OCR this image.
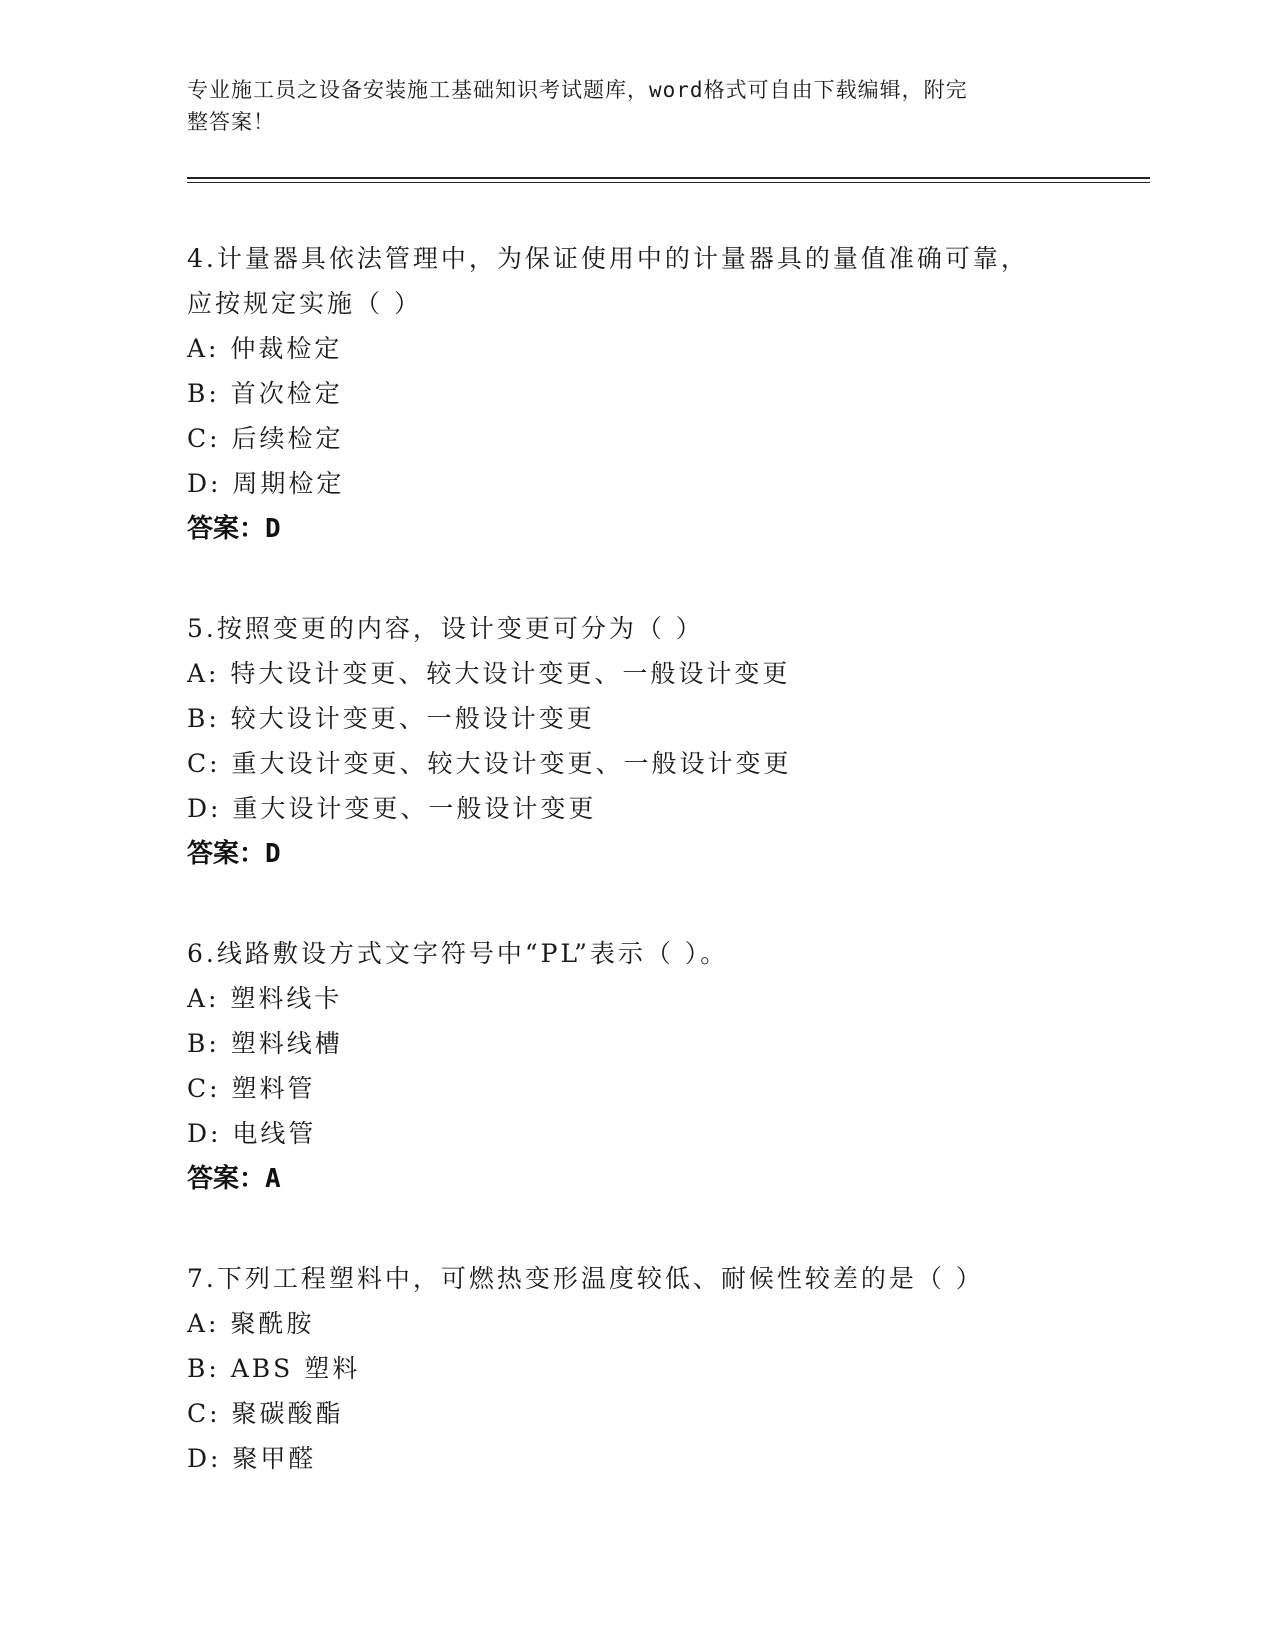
专业施工员之设备安装施工基础知识考试题库，word格式可自由下载编辑，附完
整答案！
4.计量器具依法管理中，为保证使用中的计量器具的量值准确可靠，
应按规定实施（ ）
A: 仲裁检定
B: 首次检定
C: 后续检定
D: 周期检定
答案：D
5.按照变更的内容，设计变更可分为（ ）
A: 特大设计变更、较大设计变更、一般设计变更
B: 较大设计变更、一般设计变更
C: 重大设计变更、较大设计变更、一般设计变更
D: 重大设计变更、一般设计变更
答案：D
6.线路敷设方式文字符号中“PL”表示（ ）。
A: 塑料线卡
B: 塑料线槽
C: 塑料管
D: 电线管
答案：A
7.下列工程塑料中，可燃热变形温度较低、耐候性较差的是（ ）
A: 聚酰胺
B: ABS 塑料
C: 聚碳酸酯
D: 聚甲醛
